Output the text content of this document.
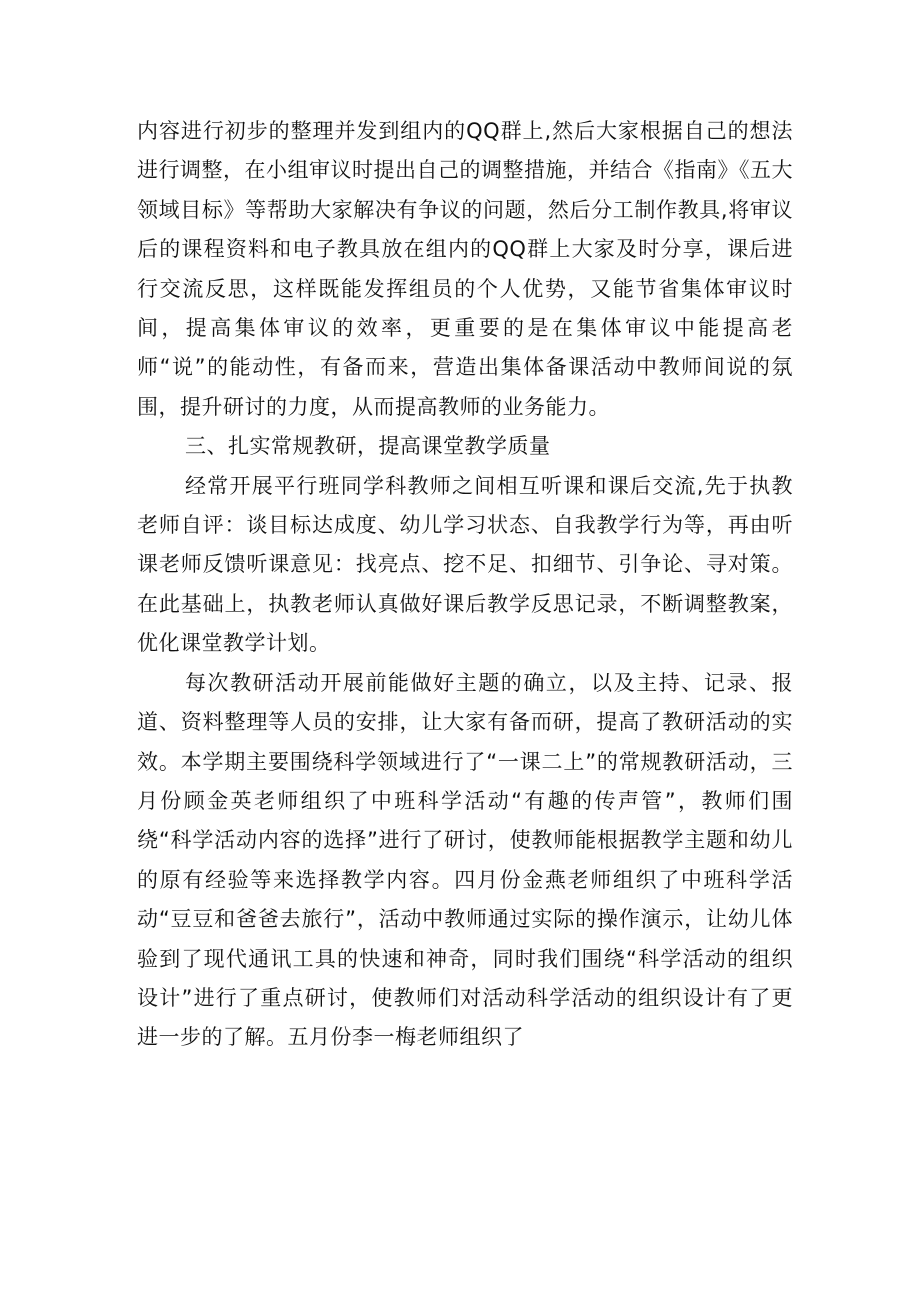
内容进行初步的整理并发到组内的QQ群上,然后大家根据自己的想法进行调整，在小组审议时提出自己的调整措施，并结合《指南》《五大领域目标》等帮助大家解决有争议的问题，然后分工制作教具,将审议后的课程资料和电子教具放在组内的QQ群上大家及时分享，课后进行交流反思，这样既能发挥组员的个人优势，又能节省集体审议时间，提高集体审议的效率，更重要的是在集体审议中能提高老师“说”的能动性，有备而来，营造出集体备课活动中教师间说的氛围，提升研讨的力度，从而提高教师的业务能力。

三、扎实常规教研，提高课堂教学质量

经常开展平行班同学科教师之间相互听课和课后交流,先于执教老师自评：谈目标达成度、幼儿学习状态、自我教学行为等，再由听课老师反馈听课意见：找亮点、挖不足、扣细节、引争论、寻对策。在此基础上，执教老师认真做好课后教学反思记录，不断调整教案，优化课堂教学计划。

每次教研活动开展前能做好主题的确立，以及主持、记录、报道、资料整理等人员的安排，让大家有备而研，提高了教研活动的实效。本学期主要围绕科学领域进行了“一课二上”的常规教研活动，三月份顾金英老师组织了中班科学活动“有趣的传声管”，教师们围绕“科学活动内容的选择”进行了研讨，使教师能根据教学主题和幼儿的原有经验等来选择教学内容。四月份金燕老师组织了中班科学活动“豆豆和爸爸去旅行”，活动中教师通过实际的操作演示，让幼儿体验到了现代通讯工具的快速和神奇，同时我们围绕“科学活动的组织设计”进行了重点研讨，使教师们对活动科学活动的组织设计有了更进一步的了解。五月份李一梅老师组织了
